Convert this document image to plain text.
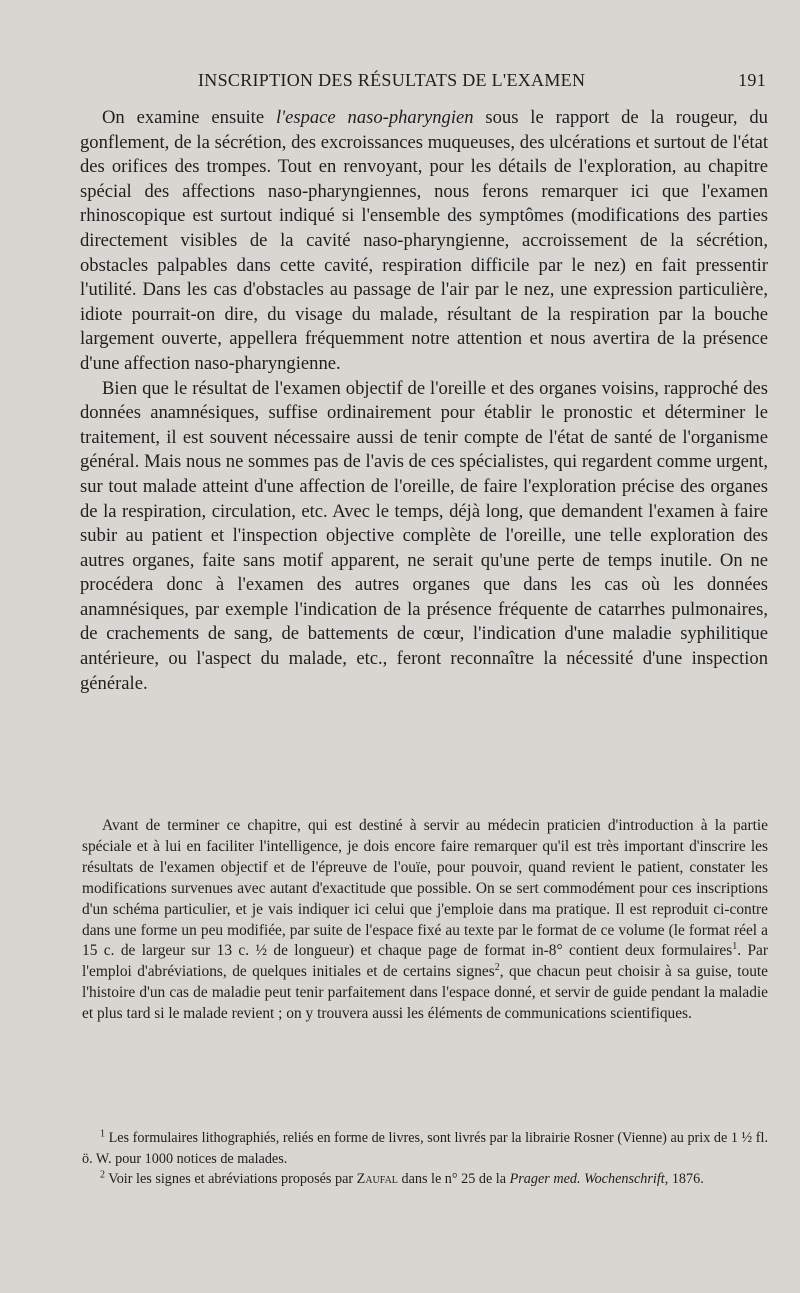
INSCRIPTION DES RÉSULTATS DE L'EXAMEN	191

On examine ensuite l'espace naso-pharyngien sous le rapport de la rougeur, du gonflement, de la sécrétion, des excroissances muqueuses, des ulcérations et surtout de l'état des orifices des trompes. Tout en renvoyant, pour les détails de l'exploration, au chapitre spécial des affections naso-pharyngiennes, nous ferons remarquer ici que l'examen rhinoscopique est surtout indiqué si l'ensemble des symptômes (modifications des parties directement visibles de la cavité naso-pharyngienne, accroissement de la sécrétion, obstacles palpables dans cette cavité, respiration difficile par le nez) en fait pressentir l'utilité. Dans les cas d'obstacles au passage de l'air par le nez, une expression particulière, idiote pourrait-on dire, du visage du malade, résultant de la respiration par la bouche largement ouverte, appellera fréquemment notre attention et nous avertira de la présence d'une affection naso-pharyngienne.

Bien que le résultat de l'examen objectif de l'oreille et des organes voisins, rapproché des données anamnésiques, suffise ordinairement pour établir le pronostic et déterminer le traitement, il est souvent nécessaire aussi de tenir compte de l'état de santé de l'organisme général. Mais nous ne sommes pas de l'avis de ces spécialistes, qui regardent comme urgent, sur tout malade atteint d'une affection de l'oreille, de faire l'exploration précise des organes de la respiration, circulation, etc. Avec le temps, déjà long, que demandent l'examen à faire subir au patient et l'inspection objective complète de l'oreille, une telle exploration des autres organes, faite sans motif apparent, ne serait qu'une perte de temps inutile. On ne procédera donc à l'examen des autres organes que dans les cas où les données anamnésiques, par exemple l'indication de la présence fréquente de catarrhes pulmonaires, de crachements de sang, de battements de cœur, l'indication d'une maladie syphilitique antérieure, ou l'aspect du malade, etc., feront reconnaître la nécessité d'une inspection générale.

Avant de terminer ce chapitre, qui est destiné à servir au médecin praticien d'introduction à la partie spéciale et à lui en faciliter l'intelligence, je dois encore faire remarquer qu'il est très important d'inscrire les résultats de l'examen objectif et de l'épreuve de l'ouïe, pour pouvoir, quand revient le patient, constater les modifications survenues avec autant d'exactitude que possible. On se sert commodément pour ces inscriptions d'un schéma particulier, et je vais indiquer ici celui que j'emploie dans ma pratique. Il est reproduit ci-contre dans une forme un peu modifiée, par suite de l'espace fixé au texte par le format de ce volume (le format réel a 15 c. de largeur sur 13 c. ½ de longueur) et chaque page de format in-8° contient deux formulaires$^1$. Par l'emploi d'abréviations, de quelques initiales et de certains signes$^2$, que chacun peut choisir à sa guise, toute l'histoire d'un cas de maladie peut tenir parfaitement dans l'espace donné, et servir de guide pendant la maladie et plus tard si le malade revient ; on y trouvera aussi les éléments de communications scientifiques.

$^1$ Les formulaires lithographiés, reliés en forme de livres, sont livrés par la librairie Rosner (Vienne) au prix de 1 ½ fl. ö. W. pour 1000 notices de malades.

$^2$ Voir les signes et abréviations proposés par Zaufal dans le n° 25 de la Prager med. Wochenschrift, 1876.
